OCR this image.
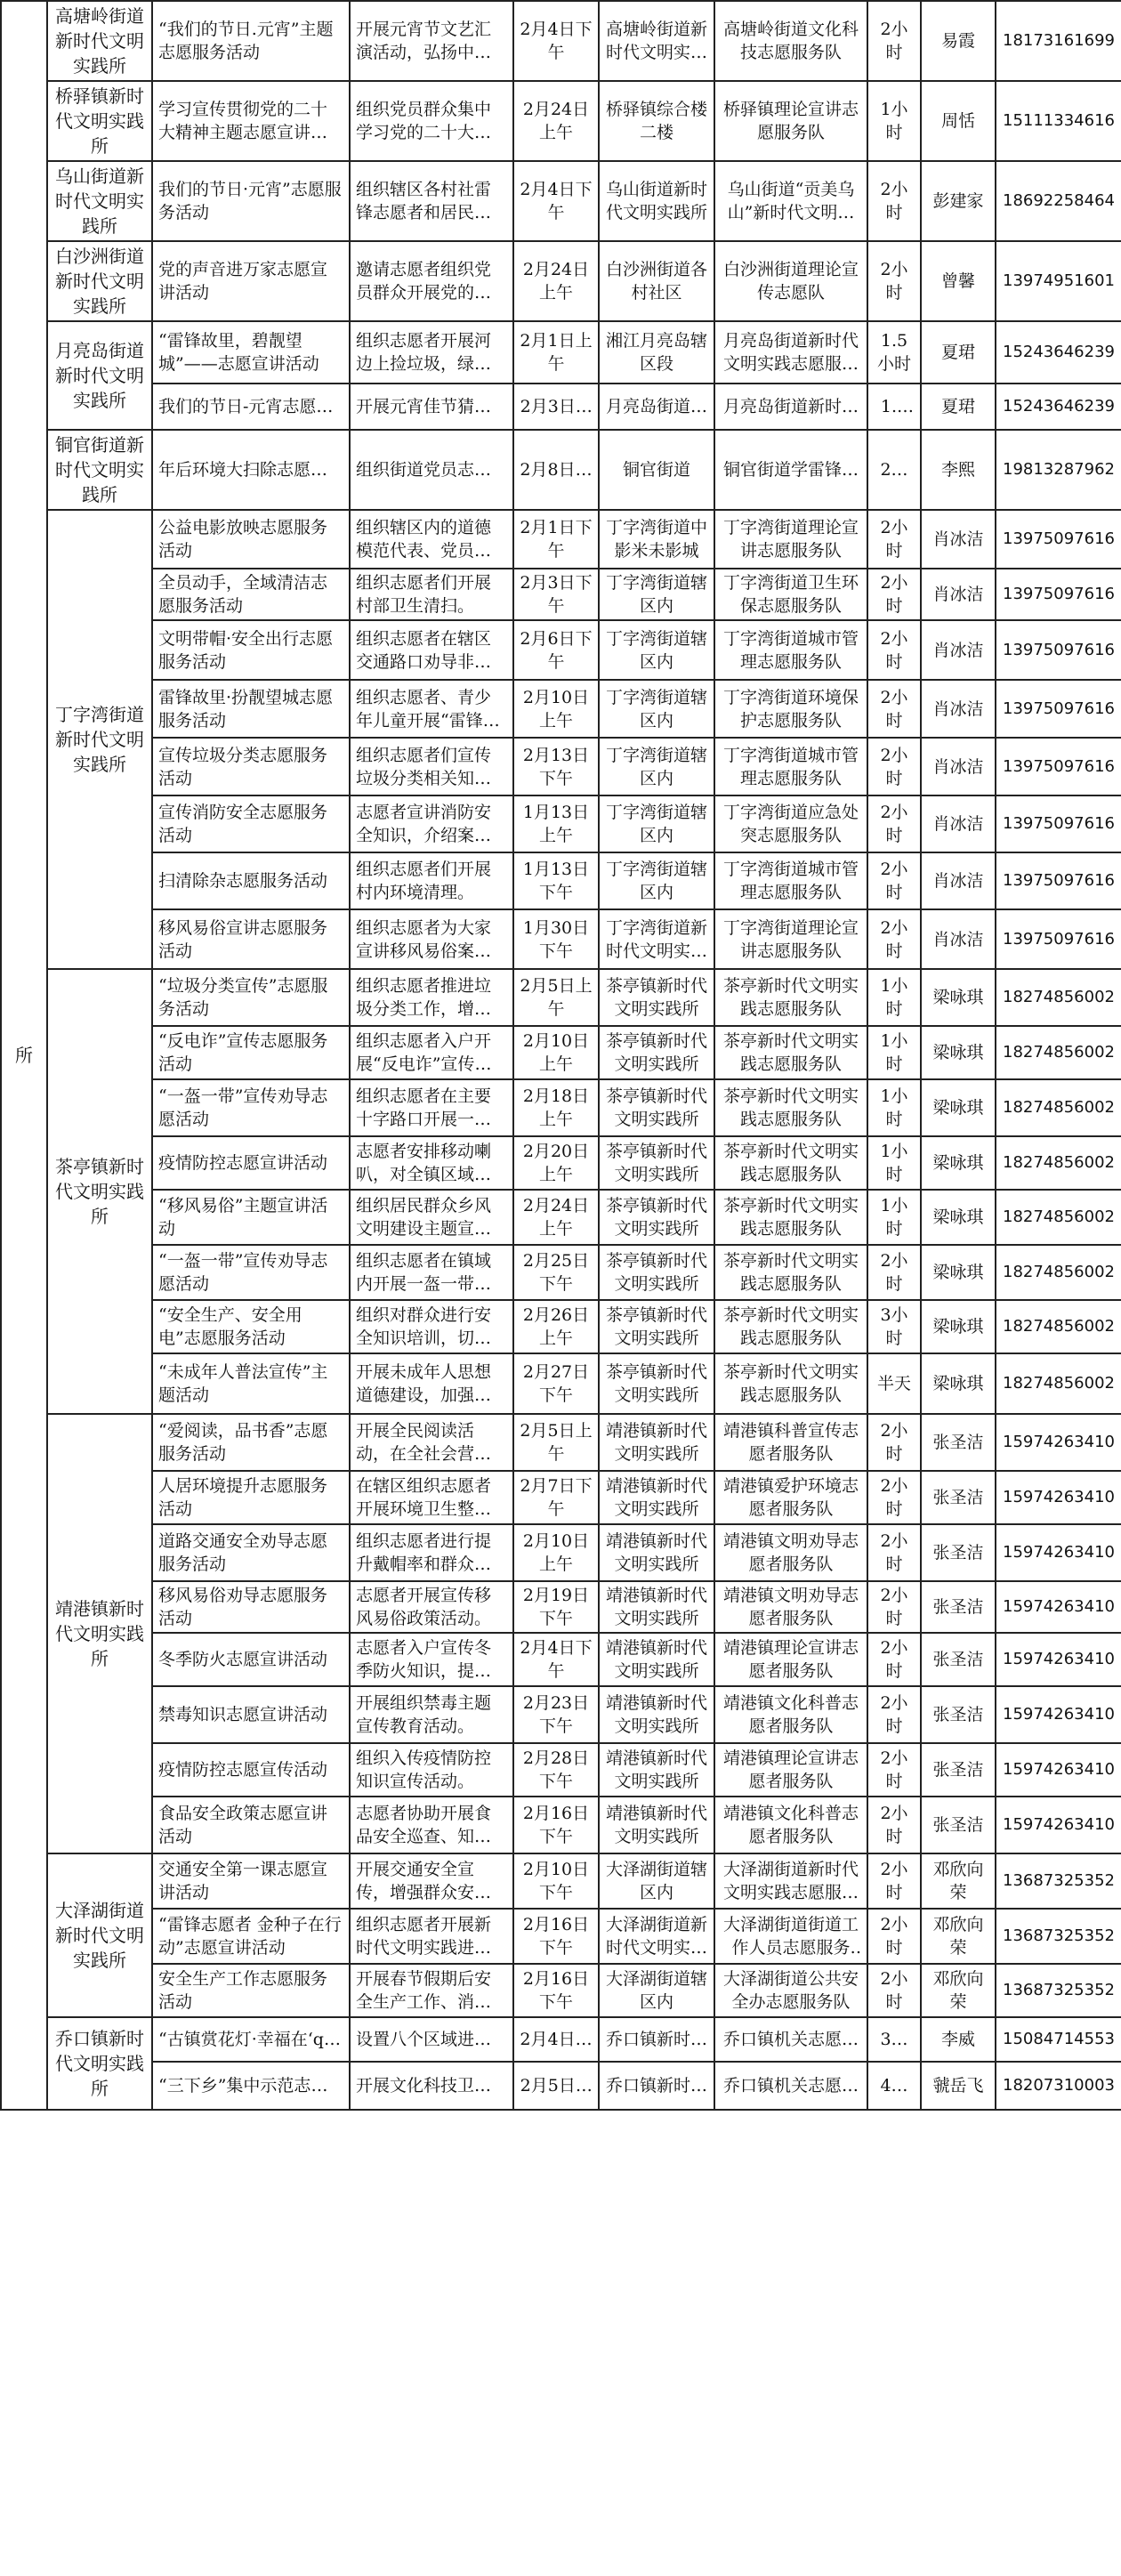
所	高塘岭街道新时代文明实践所	“我们的节日.元宵”主题志愿服务活动	开展元宵节文艺汇演活动，弘扬中华	2月4日下午	高塘岭街道新时代文明实践	高塘岭街道文化科技志愿服务队	2小时	易霞	18173161699

	桥驿镇新时代文明实践所	学习宣传贯彻党的二十大精神主题志愿宣讲活	组织党员群众集中学习党的二十大精	2月24日上午	桥驿镇综合楼二楼	桥驿镇理论宣讲志愿服务队	1小时	周恬	15111334616

	乌山街道新时代文明实践所	我们的节日·元宵”志愿服务活动	组织辖区各村社雷锋志愿者和居民群	2月4日下午	乌山街道新时代文明实践所	乌山街道“贡美乌山”新时代文明实	2小时	彭建家	18692258464

	白沙洲街道新时代文明实践所	党的声音进万家志愿宣讲活动	邀请志愿者组织党员群众开展党的声	2月24日上午	白沙洲街道各村社区	白沙洲街道理论宣传志愿队	2小时	曾馨	13974951601

	月亮岛街道新时代文明实践所	“雷锋故里，碧靓望城”——志愿宣讲活动	组织志愿者开展河边上捡垃圾，绿化	2月1日上午	湘江月亮岛辖区段	月亮岛街道新时代文明实践志愿服务	1.5小时	夏珺	15243646239

		我们的节日-元宵志愿服	开展元宵佳节猜灯	2月3日-5	月亮岛街道新	月亮岛街道新时代	1.5	夏珺	15243646239

	铜官街道新时代文明实践所	年后环境大扫除志愿服	组织街道党员志愿	2月8日上	铜官街道	铜官街道学雷锋志	2小	李熙	19813287962

	丁字湾街道新时代文明实践所	公益电影放映志愿服务活动	组织辖区内的道德模范代表、党员、	2月1日下午	丁字湾街道中影米未影城	丁字湾街道理论宣讲志愿服务队	2小时	肖冰洁	13975097616

		全员动手，全域清洁志愿服务活动	组织志愿者们开展村部卫生清扫。	2月3日下午	丁字湾街道辖区内	丁字湾街道卫生环保志愿服务队	2小时	肖冰洁	13975097616

		文明带帽·安全出行志愿服务活动	组织志愿者在辖区交通路口劝导非机	2月6日下午	丁字湾街道辖区内	丁字湾街道城市管理志愿服务队	2小时	肖冰洁	13975097616

		雷锋故里·扮靓望城志愿服务活动	组织志愿者、青少年儿童开展“雷锋故	2月10日上午	丁字湾街道辖区内	丁字湾街道环境保护志愿服务队	2小时	肖冰洁	13975097616

		宣传垃圾分类志愿服务活动	组织志愿者们宣传垃圾分类相关知	2月13日下午	丁字湾街道辖区内	丁字湾街道城市管理志愿服务队	2小时	肖冰洁	13975097616

		宣传消防安全志愿服务活动	志愿者宣讲消防安全知识，介绍案	1月13日上午	丁字湾街道辖区内	丁字湾街道应急处突志愿服务队	2小时	肖冰洁	13975097616

		扫清除杂志愿服务活动	组织志愿者们开展村内环境清理。	1月13日下午	丁字湾街道辖区内	丁字湾街道城市管理志愿服务队	2小时	肖冰洁	13975097616

		移风易俗宣讲志愿服务活动	组织志愿者为大家宣讲移风易俗案	1月30日下午	丁字湾街道新时代文明实践	丁字湾街道理论宣讲志愿服务队	2小时	肖冰洁	13975097616

	茶亭镇新时代文明实践所	“垃圾分类宣传”志愿服务活动	组织志愿者推进垃圾分类工作，增强	2月5日上午	茶亭镇新时代文明实践所	茶亭新时代文明实践志愿服务队	1小时	梁咏琪	18274856002

		“反电诈”宣传志愿服务活动	组织志愿者入户开展“反电诈”宣传活	2月10日上午	茶亭镇新时代文明实践所	茶亭新时代文明实践志愿服务队	1小时	梁咏琪	18274856002

		“一盔一带”宣传劝导志愿活动	组织志愿者在主要十字路口开展一盔	2月18日上午	茶亭镇新时代文明实践所	茶亭新时代文明实践志愿服务队	1小时	梁咏琪	18274856002

		疫情防控志愿宣讲活动	志愿者安排移动喇叭，对全镇区域进	2月20日上午	茶亭镇新时代文明实践所	茶亭新时代文明实践志愿服务队	1小时	梁咏琪	18274856002

		“移风易俗”主题宣讲活动	组织居民群众乡风文明建设主题宣讲	2月24日上午	茶亭镇新时代文明实践所	茶亭新时代文明实践志愿服务队	1小时	梁咏琪	18274856002

		“一盔一带”宣传劝导志愿活动	组织志愿者在镇域内开展一盔一带宣	2月25日下午	茶亭镇新时代文明实践所	茶亭新时代文明实践志愿服务队	2小时	梁咏琪	18274856002

		“安全生产、安全用电”志愿服务活动	组织对群众进行安全知识培训，切实	2月26日上午	茶亭镇新时代文明实践所	茶亭新时代文明实践志愿服务队	3小时	梁咏琪	18274856002

		“未成年人普法宣传”主题活动	开展未成年人思想道德建设，加强青	2月27日下午	茶亭镇新时代文明实践所	茶亭新时代文明实践志愿服务队	半天	梁咏琪	18274856002

	靖港镇新时代文明实践所	“爱阅读，品书香”志愿服务活动	开展全民阅读活动，在全社会营	2月5日上午	靖港镇新时代文明实践所	靖港镇科普宣传志愿者服务队	2小时	张圣洁	15974263410

		人居环境提升志愿服务活动	在辖区组织志愿者开展环境卫生整治	2月7日下午	靖港镇新时代文明实践所	靖港镇爱护环境志愿者服务队	2小时	张圣洁	15974263410

		道路交通安全劝导志愿服务活动	组织志愿者进行提升戴帽率和群众文	2月10日上午	靖港镇新时代文明实践所	靖港镇文明劝导志愿者服务队	2小时	张圣洁	15974263410

		移风易俗劝导志愿服务活动	志愿者开展宣传移风易俗政策活动。	2月19日下午	靖港镇新时代文明实践所	靖港镇文明劝导志愿者服务队	2小时	张圣洁	15974263410

		冬季防火志愿宣讲活动	志愿者入户宣传冬季防火知识，提升	2月4日下午	靖港镇新时代文明实践所	靖港镇理论宣讲志愿者服务队	2小时	张圣洁	15974263410

		禁毒知识志愿宣讲活动	开展组织禁毒主题宣传教育活动。	2月23日下午	靖港镇新时代文明实践所	靖港镇文化科普志愿者服务队	2小时	张圣洁	15974263410

		疫情防控志愿宣传活动	组织入传疫情防控知识宣传活动。	2月28日下午	靖港镇新时代文明实践所	靖港镇理论宣讲志愿者服务队	2小时	张圣洁	15974263410

		食品安全政策志愿宣讲活动	志愿者协助开展食品安全巡查、知识	2月16日下午	靖港镇新时代文明实践所	靖港镇文化科普志愿者服务队	2小时	张圣洁	15974263410

	大泽湖街道新时代文明实践所	交通安全第一课志愿宣讲活动	开展交通安全宣传，增强群众安全	2月10日下午	大泽湖街道辖区内	大泽湖街道新时代文明实践志愿服务	2小时	邓欣向荣	13687325352

		“雷锋志愿者 金种子在行动”志愿宣讲活动	组织志愿者开展新时代文明实践进基	2月16日下午	大泽湖街道新时代文明实践	大泽湖街道街道工作人员志愿服务	2小时	邓欣向荣	13687325352

		安全生产工作志愿服务活动	开展春节假期后安全生产工作、消	2月16日下午	大泽湖街道辖区内	大泽湖街道公共安全办志愿服务队	2小时	邓欣向荣	13687325352

	乔口镇新时代文明实践所	“古镇赏花灯·幸福在‘qia	设置八个区域进行	2月4日下	乔口镇新时代	乔口镇机关志愿服	3小	李威	15084714553

		“三下乡”集中示范志愿	开展文化科技卫	2月5日-7	乔口镇新时代	乔口镇机关志愿服	4小	虢岳飞	18207310003
